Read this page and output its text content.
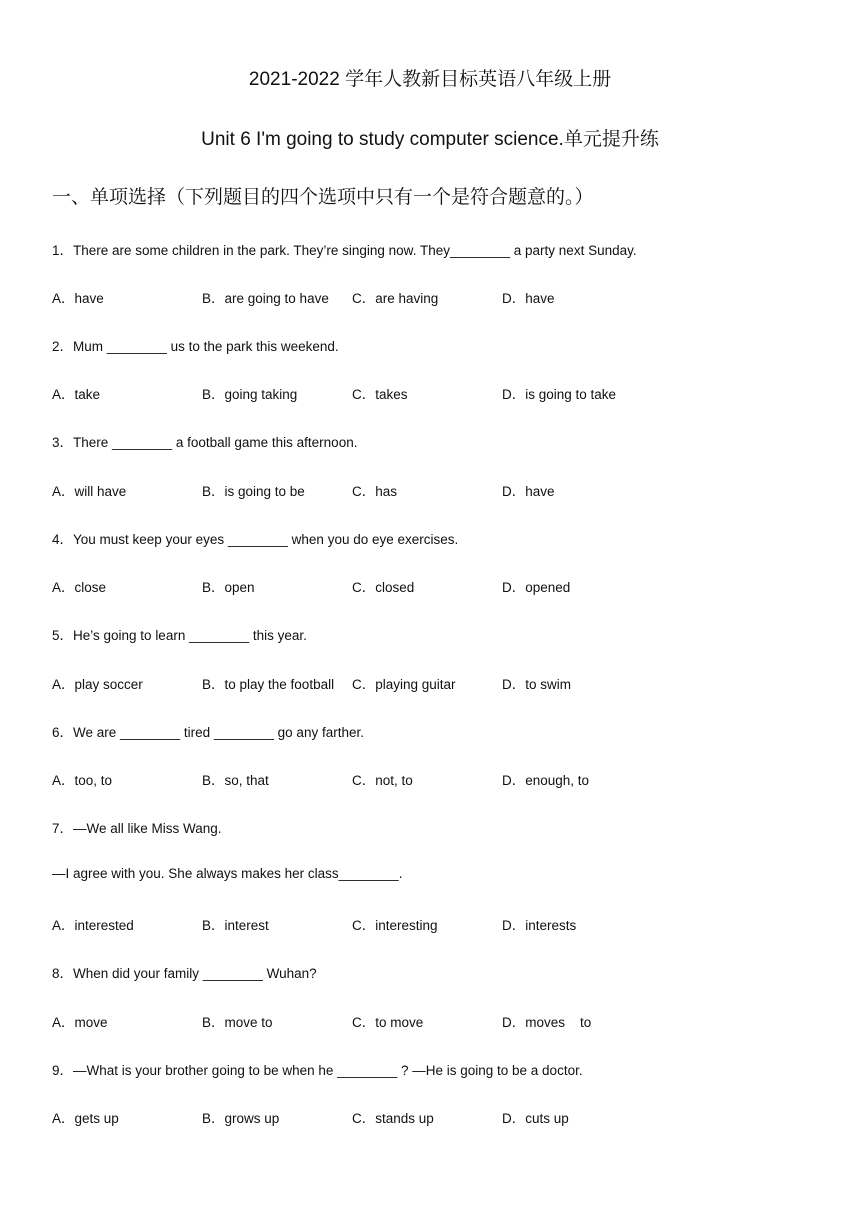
2021-2022 学年人教新目标英语八年级上册
Unit 6 I'm going to study computer science.单元提升练
一、单项选择（下列题目的四个选项中只有一个是符合题意的。）
1．There are some children in the park. They’re singing now. They________ a party next Sunday.
A．have	B．are going to have C．are having	D．have
2．Mum ________ us to the park this weekend.
A．take	B．going taking	C．takes	D．is going to take
3．There ________ a football game this afternoon.
A．will have	B．is going to be	C．has	D．have
4．You must keep your eyes ________ when you do eye exercises.
A．close	B．open	C．closed	D．opened
5．He’s going to learn ________ this year.
A．play soccer	B．to play the football C．playing guitar	D．to swim
6．We are ________ tired ________ go any farther.
A．too, to	B．so, that	C．not, to	D．enough, to
7．—We all like Miss Wang.
—I agree with you. She always makes her class________.
A．interested	B．interest	C．interesting	D．interests
8．When did your family ________ Wuhan?
A．move	B．move to	C．to move	D．moves    to
9．—What is your brother going to be when he ________ ? —He is going to be a doctor.
A．gets up	B．grows up	C．stands up	D．cuts up
